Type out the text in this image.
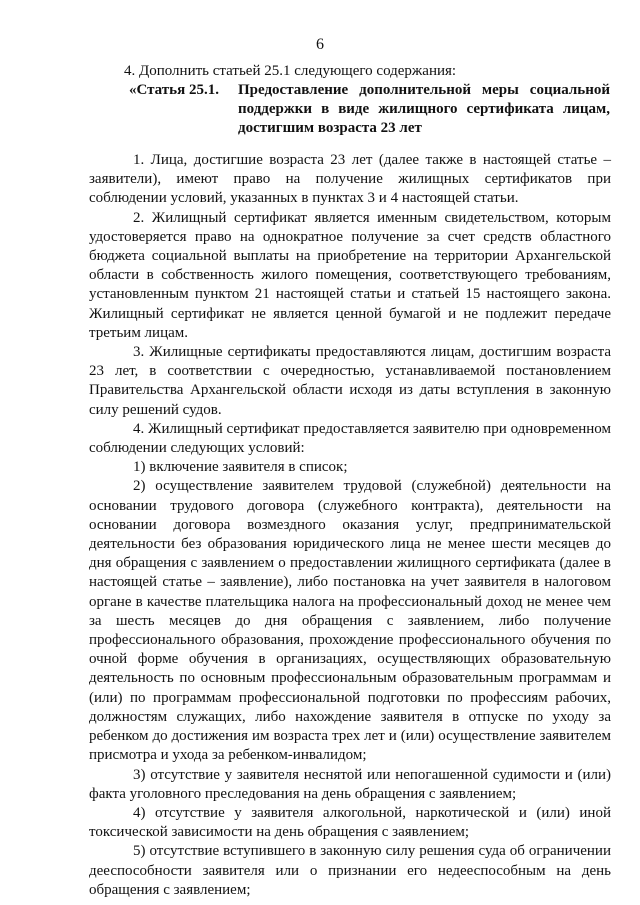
6
4. Дополнить статьей 25.1 следующего содержания:
«Статья 25.1. Предоставление дополнительной меры социальной поддержки в виде жилищного сертификата лицам, достигшим возраста 23 лет

1. Лица, достигшие возраста 23 лет (далее также в настоящей статье – заявители), имеют право на получение жилищных сертификатов при соблюдении условий, указанных в пунктах 3 и 4 настоящей статьи.

2. Жилищный сертификат является именным свидетельством, которым удостоверяется право на однократное получение за счет средств областного бюджета социальной выплаты на приобретение на территории Архангельской области в собственность жилого помещения, соответствующего требованиям, установленным пунктом 21 настоящей статьи и статьей 15 настоящего закона. Жилищный сертификат не является ценной бумагой и не подлежит передаче третьим лицам.

3. Жилищные сертификаты предоставляются лицам, достигшим возраста 23 лет, в соответствии с очередностью, устанавливаемой постановлением Правительства Архангельской области исходя из даты вступления в законную силу решений судов.

4. Жилищный сертификат предоставляется заявителю при одновременном соблюдении следующих условий:

1) включение заявителя в список;

2) осуществление заявителем трудовой (служебной) деятельности на основании трудового договора (служебного контракта), деятельности на основании договора возмездного оказания услуг, предпринимательской деятельности без образования юридического лица не менее шести месяцев до дня обращения с заявлением о предоставлении жилищного сертификата (далее в настоящей статье – заявление), либо постановка на учет заявителя в налоговом органе в качестве плательщика налога на профессиональный доход не менее чем за шесть месяцев до дня обращения с заявлением, либо получение профессионального образования, прохождение профессионального обучения по очной форме обучения в организациях, осуществляющих образовательную деятельность по основным профессиональным образовательным программам и (или) по программам профессиональной подготовки по профессиям рабочих, должностям служащих, либо нахождение заявителя в отпуске по уходу за ребенком до достижения им возраста трех лет и (или) осуществление заявителем присмотра и ухода за ребенком-инвалидом;

3) отсутствие у заявителя неснятой или непогашенной судимости и (или) факта уголовного преследования на день обращения с заявлением;

4) отсутствие у заявителя алкогольной, наркотической и (или) иной токсической зависимости на день обращения с заявлением;

5) отсутствие вступившего в законную силу решения суда об ограничении дееспособности заявителя или о признании его недееспособным на день обращения с заявлением;
